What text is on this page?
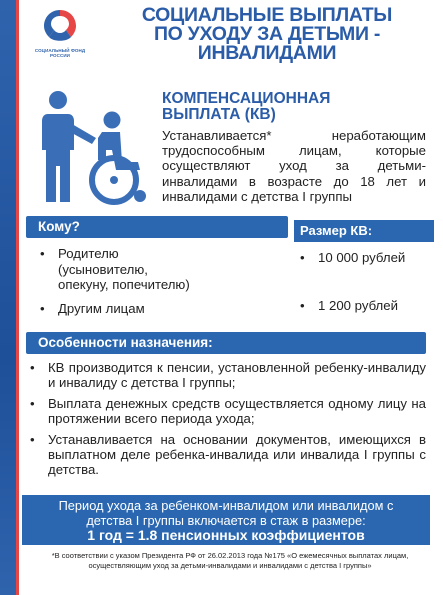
СОЦИАЛЬНЫЙ ФОНД РОССИИ
СОЦИАЛЬНЫЕ ВЫПЛАТЫ
ПО УХОДУ ЗА ДЕТЬМИ -
ИНВАЛИДАМИ
КОМПЕНСАЦИОННАЯ
ВЫПЛАТА (КВ)
Устанавливается* неработающим трудоспособным лицам, которые осуществляют уход за детьми-инвалидами в возрасте до 18 лет и инвалидами с детства I группы
Кому?	Размер КВ:
• Родителю (усыновителю, опекуну, попечителю)
• Другим лицам
• 10 000 рублей
• 1 200 рублей
Особенности назначения:
• КВ производится к пенсии, установленной ребенку-инвалиду и инвалиду с детства I группы;
• Выплата денежных средств осуществляется одному лицу на протяжении всего периода ухода;
• Устанавливается на основании документов, имеющихся в выплатном деле ребенка-инвалида или инвалида I группы с детства.
Период ухода за ребенком-инвалидом или инвалидом с
детства I группы включается в стаж в размере:
1 год = 1.8 пенсионных коэффициентов
*В соответствии с указом Президента РФ от 26.02.2013 года №175 «О ежемесячных выплатах лицам, осуществляющим уход за детьми-инвалидами и инвалидами с детства I группы»
